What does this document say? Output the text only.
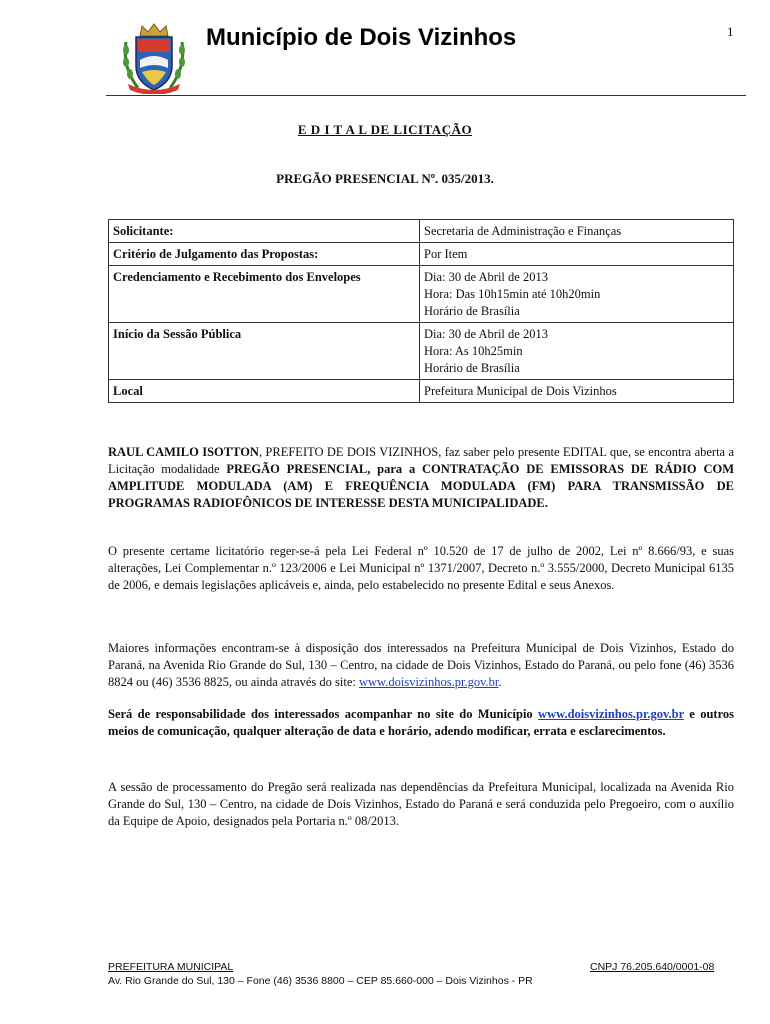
Município de Dois Vizinhos	1
E D I T A L DE LICITAÇÃO
PREGÃO PRESENCIAL Nº. 035/2013.
Solicitante:	Secretaria de Administração e Finanças

Critério de Julgamento das Propostas:	Por Item

Credenciamento e Recebimento dos Envelopes	Dia: 30 de Abril de 2013
Hora: Das 10h15min até 10h20min
Horário de Brasília

Início da Sessão Pública	Dia: 30 de Abril de 2013
Hora: As 10h25min
Horário de Brasília

Local	Prefeitura Municipal de Dois Vizinhos
RAUL CAMILO ISOTTON, PREFEITO DE DOIS VIZINHOS, faz saber pelo presente EDITAL que, se encontra aberta a Licitação modalidade PREGÃO PRESENCIAL, para a CONTRATAÇÃO DE EMISSORAS DE RÁDIO COM AMPLITUDE MODULADA (AM) E FREQUÊNCIA MODULADA (FM) PARA TRANSMISSÃO DE PROGRAMAS RADIOFÔNICOS DE INTERESSE DESTA MUNICIPALIDADE.
O presente certame licitatório reger-se-á pela Lei Federal nº 10.520 de 17 de julho de 2002, Lei nº 8.666/93, e suas alterações, Lei Complementar n.º 123/2006 e Lei Municipal nº 1371/2007, Decreto n.º 3.555/2000, Decreto Municipal 6135 de 2006, e demais legislações aplicáveis e, ainda, pelo estabelecido no presente Edital e seus Anexos.
Maiores informações encontram-se à disposição dos interessados na Prefeitura Municipal de Dois Vizinhos, Estado do Paraná, na Avenida Rio Grande do Sul, 130 – Centro, na cidade de Dois Vizinhos, Estado do Paraná, ou pelo fone (46) 3536 8824 ou (46) 3536 8825, ou ainda através do site: www.doisvizinhos.pr.gov.br.
Será de responsabilidade dos interessados acompanhar no site do Município www.doisvizinhos.pr.gov.br e outros meios de comunicação, qualquer alteração de data e horário, adendo modificar, errata e esclarecimentos.
A sessão de processamento do Pregão será realizada nas dependências da Prefeitura Municipal, localizada na Avenida Rio Grande do Sul, 130 – Centro, na cidade de Dois Vizinhos, Estado do Paraná e será conduzida pelo Pregoeiro, com o auxílio da Equipe de Apoio, designados pela Portaria n.º 08/2013.
PREFEITURA MUNICIPAL	CNPJ 76.205.640/0001-08
Av. Rio Grande do Sul, 130 – Fone (46) 3536 8800 – CEP 85.660-000 – Dois Vizinhos - PR
